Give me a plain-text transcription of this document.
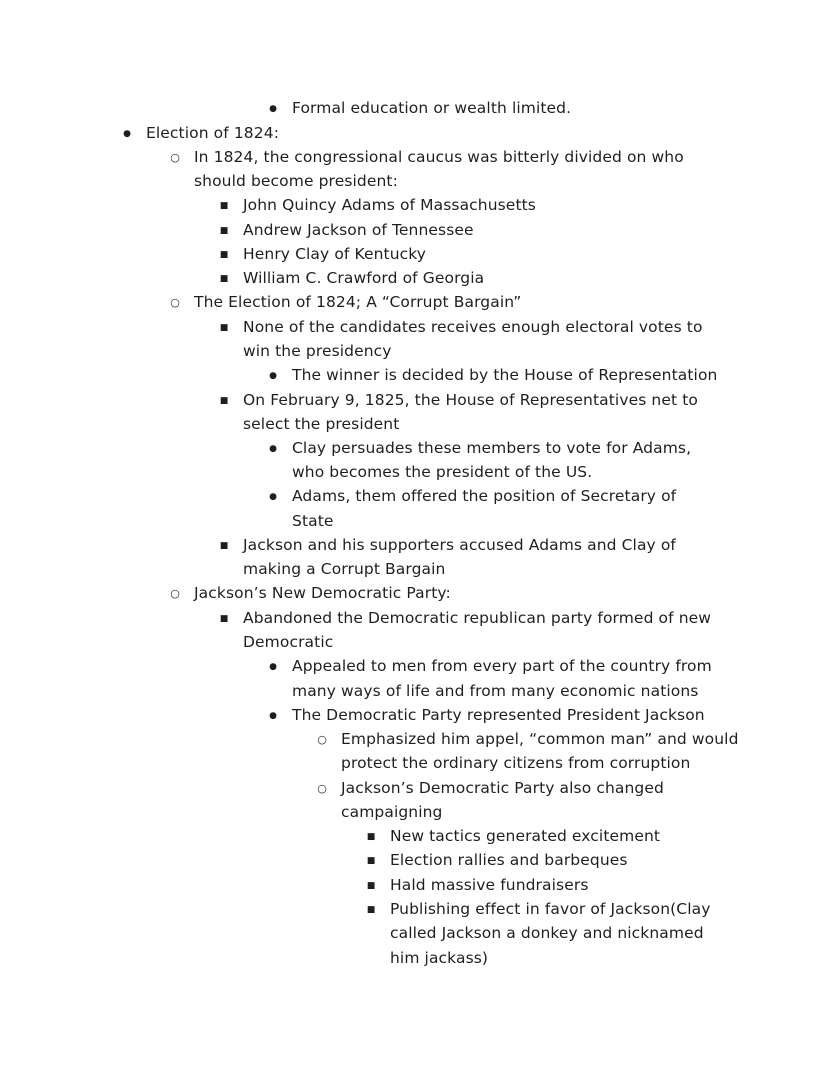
●
Formal education or wealth limited.
●
Election of 1824:
○
In 1824, the congressional caucus was bitterly divided on who
should become president:
■
John Quincy Adams of Massachusetts
■
Andrew Jackson of Tennessee
■
Henry Clay of Kentucky
■
William C. Crawford of Georgia
○
The Election of 1824; A “Corrupt Bargain”
■
None of the candidates receives enough electoral votes to
win the presidency
●
The winner is decided by the House of Representation
■
On February 9, 1825, the House of Representatives net to
select the president
●
Clay persuades these members to vote for Adams,
who becomes the president of the US.
●
Adams, them offered the position of Secretary of
State
■
Jackson and his supporters accused Adams and Clay of
making a Corrupt Bargain
○
Jackson’s New Democratic Party:
■
Abandoned the Democratic republican party formed of new
Democratic
●
Appealed to men from every part of the country from
many ways of life and from many economic nations
●
The Democratic Party represented President Jackson
○
Emphasized him appel, “common man” and would
protect the ordinary citizens from corruption
○
Jackson’s Democratic Party also changed
campaigning
■
New tactics generated excitement
■
Election rallies and barbeques
■
Hald massive fundraisers
■
Publishing effect in favor of Jackson(Clay
called Jackson a donkey and nicknamed
him jackass)
